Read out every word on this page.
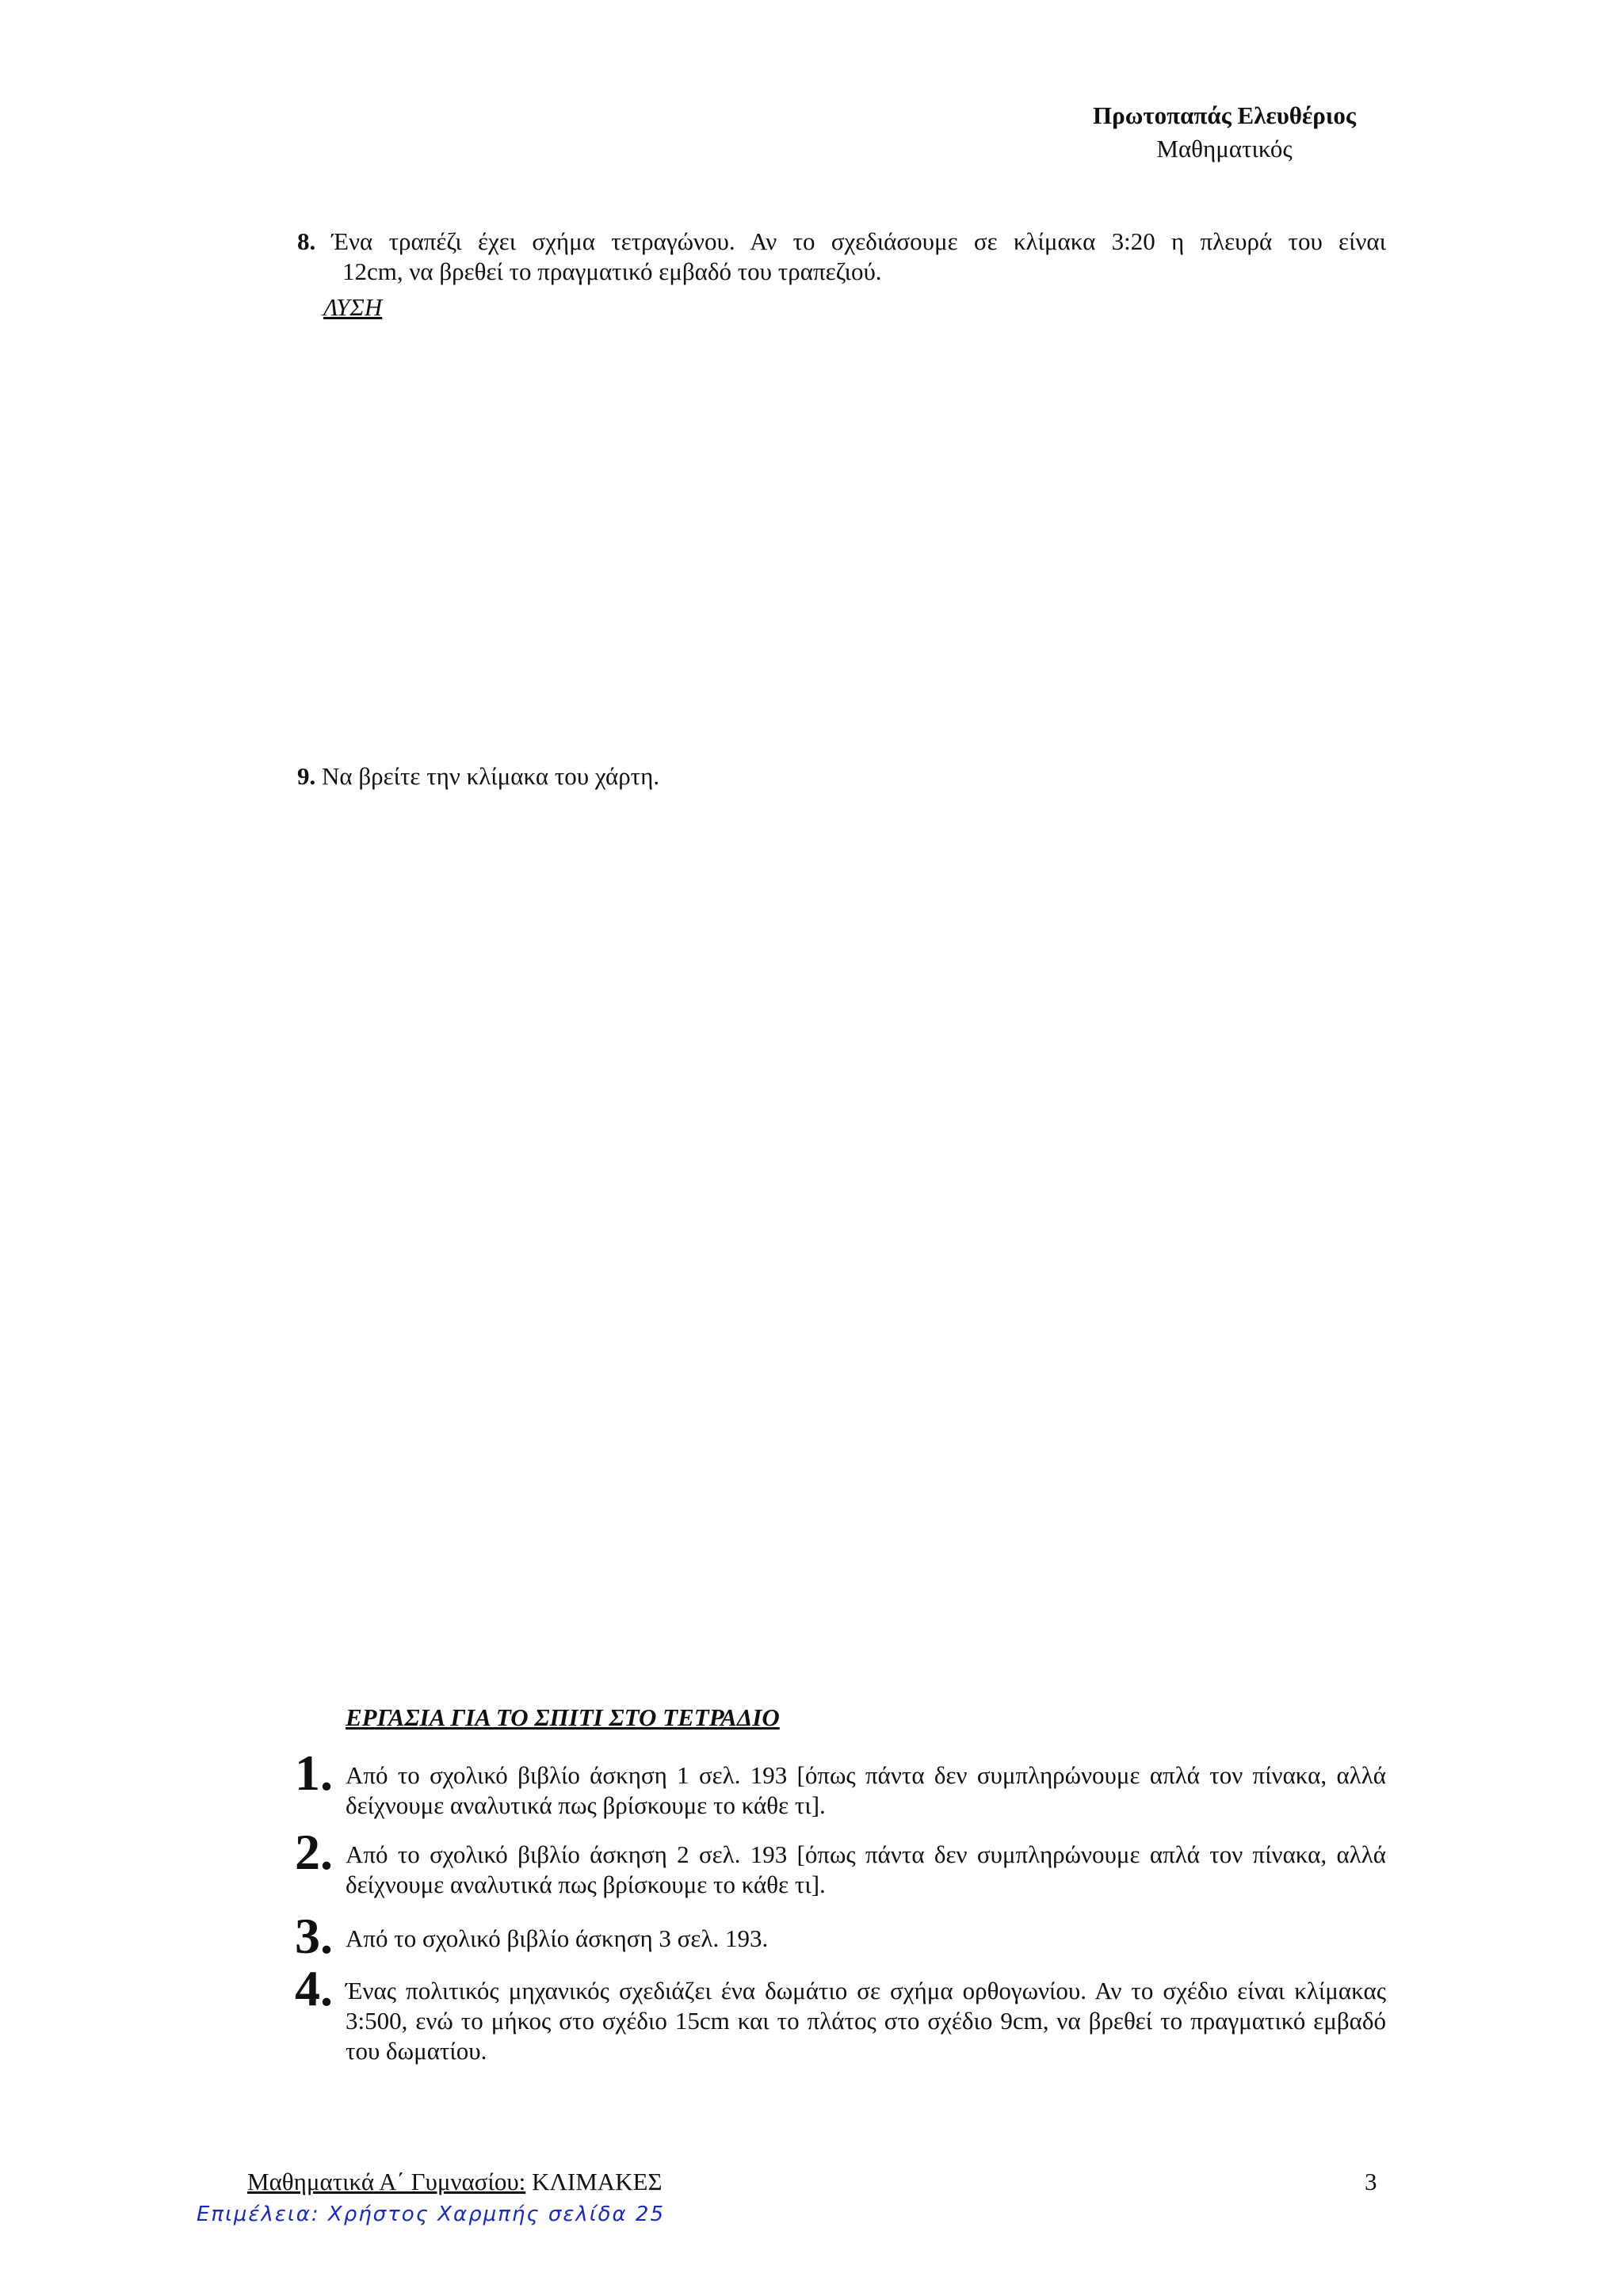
Πρωτοπαπάς Ελευθέριος
Μαθηματικός
8. Ένα τραπέζι έχει σχήμα τετραγώνου. Αν το σχεδιάσουμε σε κλίμακα 3:20 η πλευρά του είναι
12cm, να βρεθεί το πραγματικό εμβαδό του τραπεζιού.
ΛΥΣΗ
9. Να βρείτε την κλίμακα του χάρτη.
ΕΡΓΑΣΙΑ ΓΙΑ ΤΟ ΣΠΙΤΙ ΣΤΟ ΤΕΤΡΑΔΙΟ
1. Από το σχολικό βιβλίο άσκηση 1 σελ. 193 [όπως πάντα δεν συμπληρώνουμε απλά τον πίνακα, αλλά δείχνουμε αναλυτικά πως βρίσκουμε το κάθε τι].
2. Από το σχολικό βιβλίο άσκηση 2 σελ. 193 [όπως πάντα δεν συμπληρώνουμε απλά τον πίνακα, αλλά δείχνουμε αναλυτικά πως βρίσκουμε το κάθε τι].
3. Από το σχολικό βιβλίο άσκηση 3 σελ. 193.
4. Ένας πολιτικός μηχανικός σχεδιάζει ένα δωμάτιο σε σχήμα ορθογωνίου. Αν το σχέδιο είναι κλίμακας 3:500, ενώ το μήκος στο σχέδιο 15cm και το πλάτος στο σχέδιο 9cm, να βρεθεί το πραγματικό εμβαδό του δωματίου.
Μαθηματικά Α΄ Γυμνασίου: ΚΛΙΜΑΚΕΣ	3
Επιμέλεια: Χρήστος Χαρμπής σελίδα 25
